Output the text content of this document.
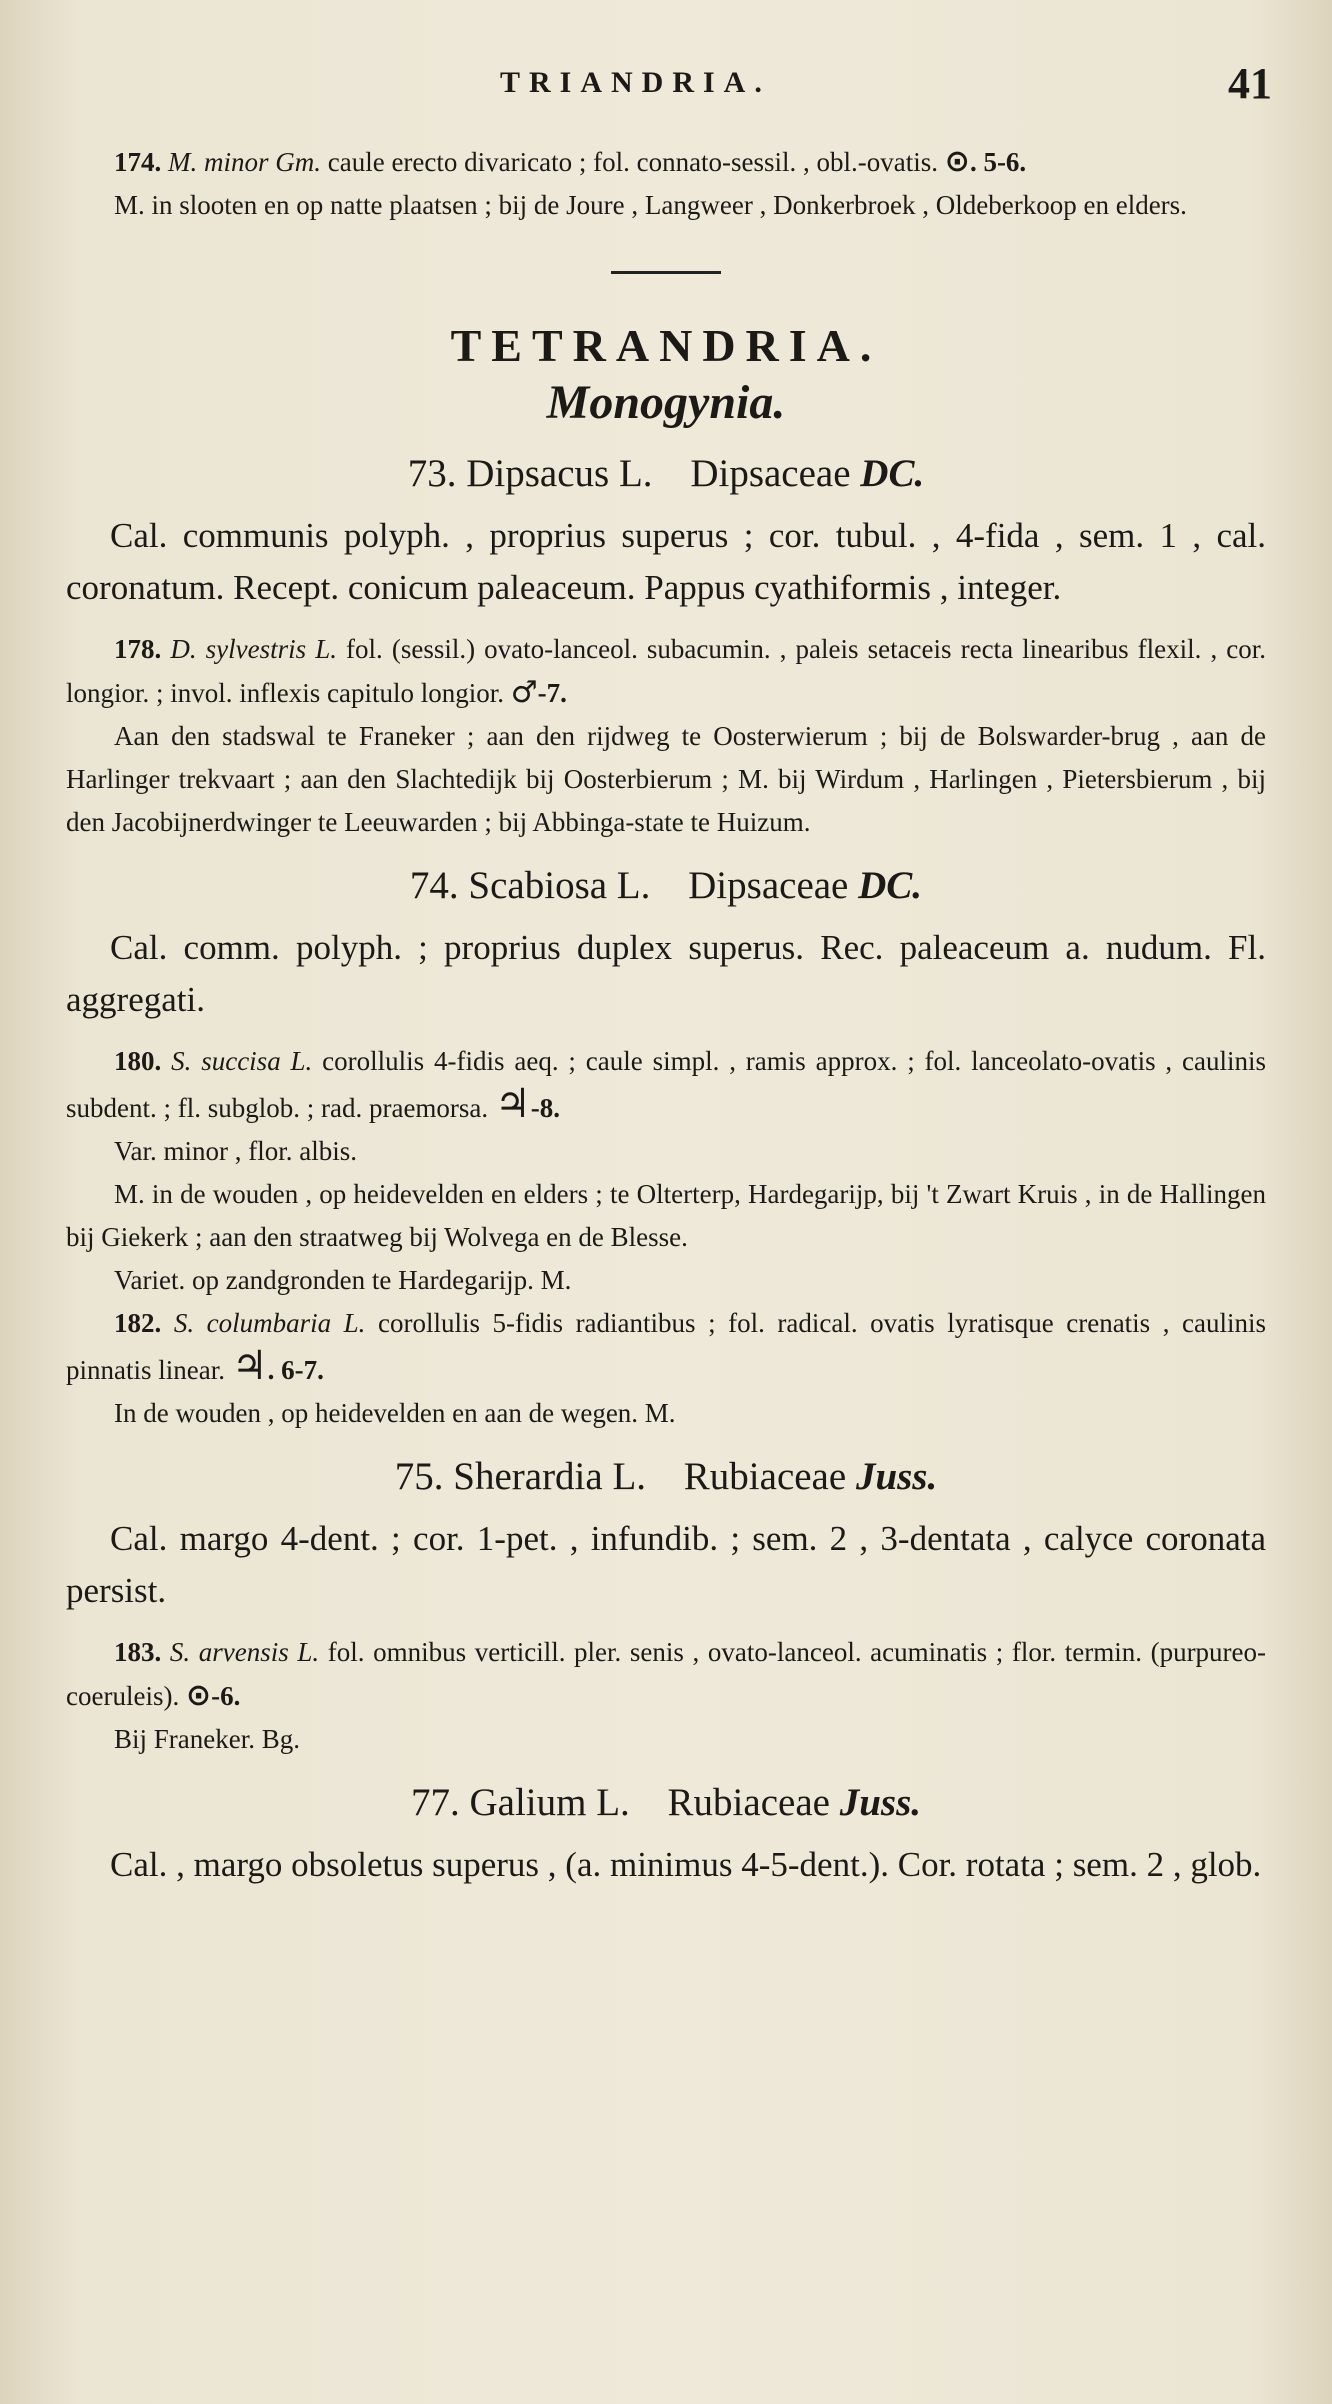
TRIANDRIA.	41

174. M. minor Gm. caule erecto divaricato ; fol. connato-sessil. , obl.-ovatis. ⊙. 5-6.

M. in slooten en op natte plaatsen ; bij de Joure , Langweer , Donkerbroek , Oldeberkoop en elders.

TETRANDRIA.

Monogynia.

73. Dipsacus L. Dipsaceae DC.

Cal. communis polyph. , proprius superus ; cor. tubul. , 4-fida , sem. 1 , cal. coronatum. Recept. conicum paleaceum. Pappus cyathiformis , integer.

178. D. sylvestris L. fol. (sessil.) ovato-lanceol. subacumin. , paleis setaceis recta linearibus flexil. , cor. longior. ; invol. inflexis capitulo longior. ♂-7.

Aan den stadswal te Franeker ; aan den rijdweg te Oosterwierum ; bij de Bolswarder-brug , aan de Harlinger trekvaart ; aan den Slachtedijk bij Oosterbierum ; M. bij Wirdum , Harlingen , Pietersbierum , bij den Jacobijnerdwinger te Leeuwarden ; bij Abbinga-state te Huizum.

74. Scabiosa L. Dipsaceae DC.

Cal. comm. polyph. ; proprius duplex superus. Rec. paleaceum a. nudum. Fl. aggregati.

180. S. succisa L. corollulis 4-fidis aeq. ; caule simpl. , ramis approx. ; fol. lanceolato-ovatis , caulinis subdent. ; fl. subglob. ; rad. praemorsa. ♃-8.

Var. minor , flor. albis.

M. in de wouden , op heidevelden en elders ; te Olterterp, Hardegarijp, bij 't Zwart Kruis , in de Hallingen bij Giekerk ; aan den straatweg bij Wolvega en de Blesse.

Variet. op zandgronden te Hardegarijp. M.

182. S. columbaria L. corollulis 5-fidis radiantibus ; fol. radical. ovatis lyratisque crenatis , caulinis pinnatis linear. ♃. 6-7.

In de wouden , op heidevelden en aan de wegen. M.

75. Sherardia L. Rubiaceae Juss.

Cal. margo 4-dent. ; cor. 1-pet. , infundib. ; sem. 2 , 3-dentata , calyce coronata persist.

183. S. arvensis L. fol. omnibus verticill. pler. senis , ovato-lanceol. acuminatis ; flor. termin. (purpureo-coeruleis). ⊙-6.

Bij Franeker. Bg.

77. Galium L. Rubiaceae Juss.

Cal. , margo obsoletus superus , (a. minimus 4-5-dent.). Cor. rotata ; sem. 2 , glob.
